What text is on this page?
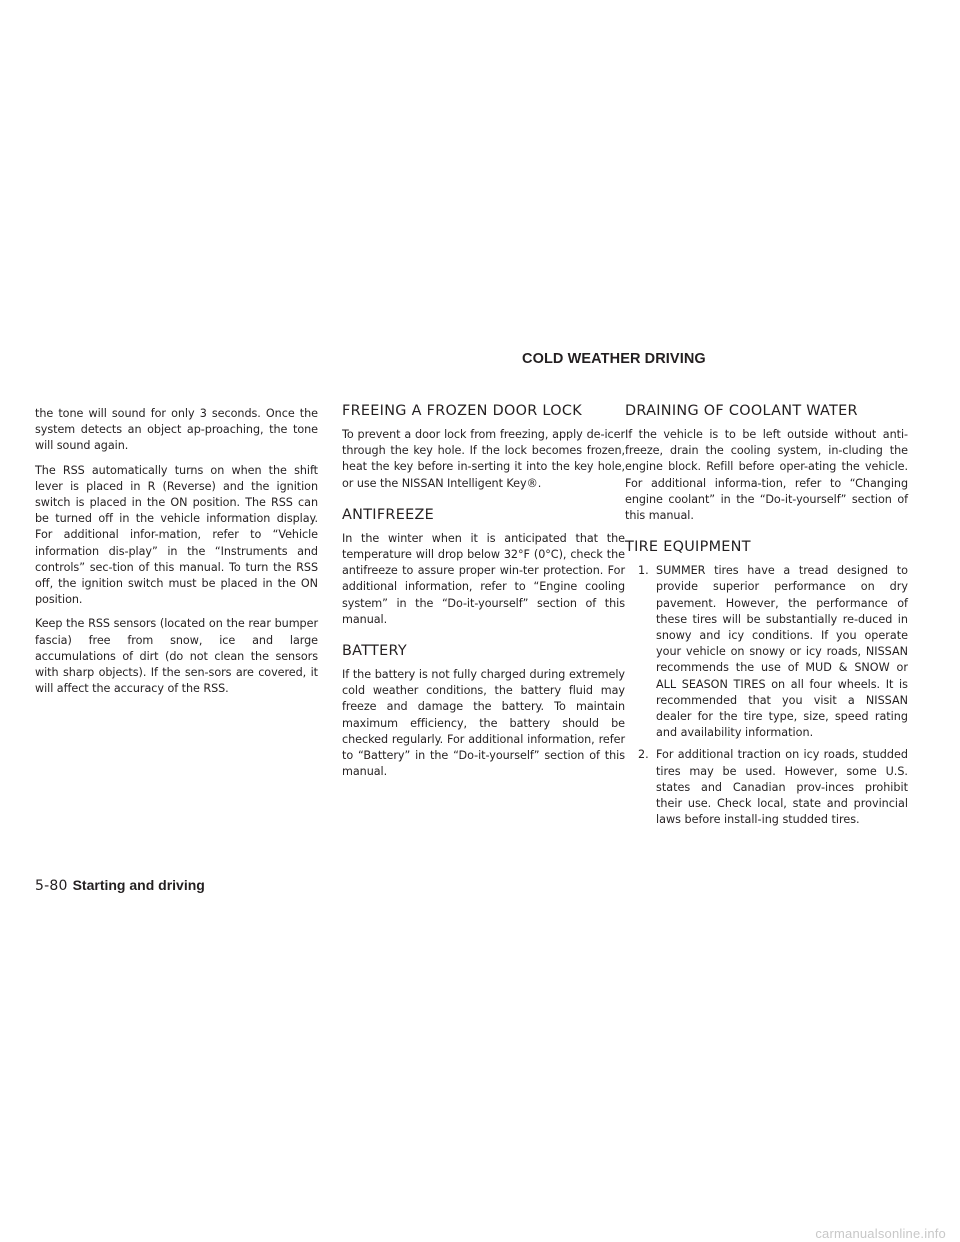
COLD WEATHER DRIVING

the tone will sound for only 3 seconds. Once the system detects an object ap-proaching, the tone will sound again.

The RSS automatically turns on when the shift lever is placed in R (Reverse) and the ignition switch is placed in the ON position. The RSS can be turned off in the vehicle information display. For additional infor-mation, refer to “Vehicle information dis-play” in the “Instruments and controls” sec-tion of this manual. To turn the RSS off, the ignition switch must be placed in the ON position.

Keep the RSS sensors (located on the rear bumper fascia) free from snow, ice and large accumulations of dirt (do not clean the sensors with sharp objects). If the sen-sors are covered, it will affect the accuracy of the RSS.

FREEING A FROZEN DOOR LOCK

To prevent a door lock from freezing, apply de-icer through the key hole. If the lock becomes frozen, heat the key before in-serting it into the key hole, or use the NISSAN Intelligent Key®.

ANTIFREEZE

In the winter when it is anticipated that the temperature will drop below 32°F (0°C), check the antifreeze to assure proper win-ter protection. For additional information, refer to “Engine cooling system” in the “Do-it-yourself” section of this manual.

BATTERY

If the battery is not fully charged during extremely cold weather conditions, the battery fluid may freeze and damage the battery. To maintain maximum efficiency, the battery should be checked regularly. For additional information, refer to “Battery” in the “Do-it-yourself” section of this manual.

DRAINING OF COOLANT WATER

If the vehicle is to be left outside without anti-freeze, drain the cooling system, in-cluding the engine block. Refill before oper-ating the vehicle. For additional informa-tion, refer to “Changing engine coolant” in the “Do-it-yourself” section of this manual.

TIRE EQUIPMENT
1. SUMMER tires have a tread designed to provide superior performance on dry pavement. However, the performance of these tires will be substantially re-duced in snowy and icy conditions. If you operate your vehicle on snowy or icy roads, NISSAN recommends the use of MUD & SNOW or ALL SEASON TIRES on all four wheels. It is recommended that you visit a NISSAN dealer for the tire type, size, speed rating and availability information.
2. For additional traction on icy roads, studded tires may be used. However, some U.S. states and Canadian prov-inces prohibit their use. Check local, state and provincial laws before install-ing studded tires.
5-80 Starting and driving
carmanualsonline.info
